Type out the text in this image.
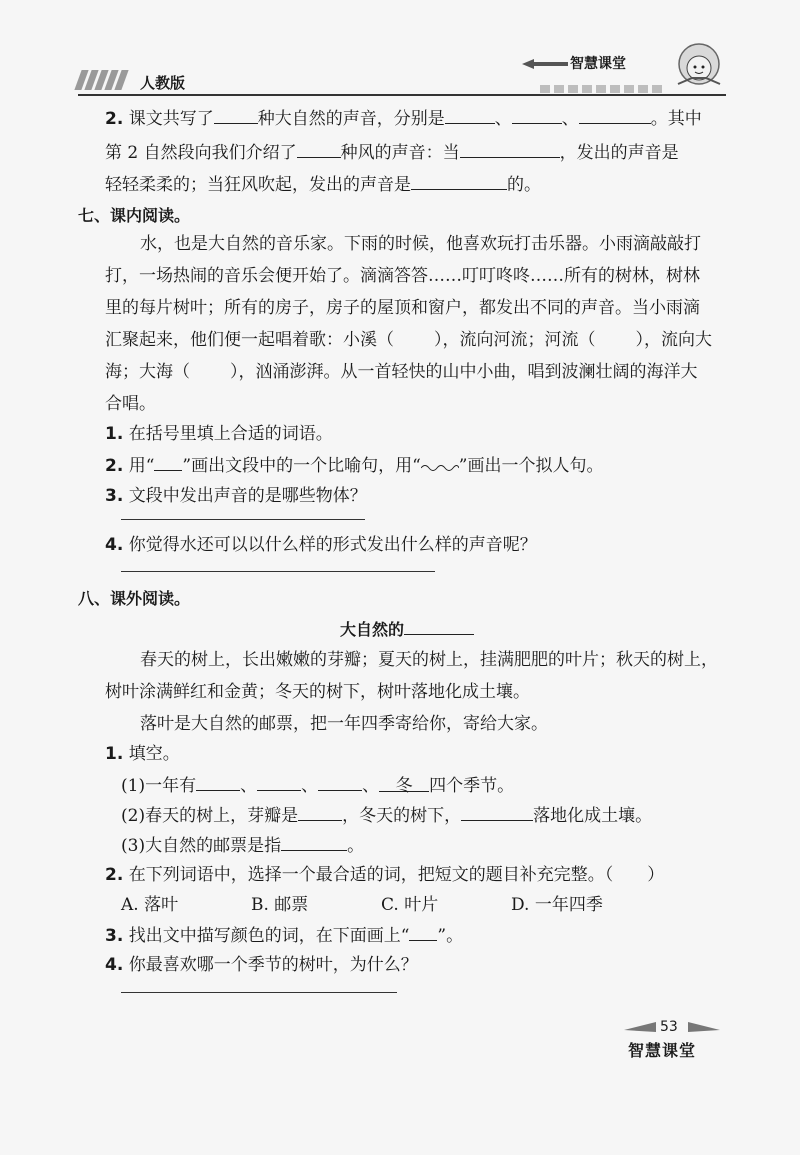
人教版
智慧课堂
2. 课文共写了	种大自然的声音，分别是	、	、	。其中
第 2 自然段向我们介绍了	种风的声音：当	，发出的声音是
轻轻柔柔的；当狂风吹起，发出的声音是	的。
七、课内阅读。
水，也是大自然的音乐家。下雨的时候，他喜欢玩打击乐器。小雨滴敲敲打
打，一场热闹的音乐会便开始了。滴滴答答……叮叮咚咚……所有的树林，树林
里的每片树叶；所有的房子，房子的屋顶和窗户，都发出不同的声音。当小雨滴
汇聚起来，他们便一起唱着歌：小溪（ ），流向河流；河流（ ），流向大
海；大海（ ），汹涌澎湃。从一首轻快的山中小曲，唱到波澜壮阔的海洋大
合唱。
1. 在括号里填上合适的词语。
2. 用“ ”画出文段中的一个比喻句，用“ ”画出一个拟人句。
3. 文段中发出声音的是哪些物体？
4. 你觉得水还可以以什么样的形式发出什么样的声音呢？
八、课外阅读。
大自然的
春天的树上，长出嫩嫩的芽瓣；夏天的树上，挂满肥肥的叶片；秋天的树上，
树叶涂满鲜红和金黄；冬天的树下，树叶落地化成土壤。
落叶是大自然的邮票，把一年四季寄给你，寄给大家。
1. 填空。
(1)一年有	、	、	、 冬 四个季节。
(2)春天的树上，芽瓣是	，冬天的树下，	落地化成土壤。
(3)大自然的邮票是指	。
2. 在下列词语中，选择一个最合适的词，把短文的题目补充完整。（　　）
A. 落叶	B. 邮票	C. 叶片	D. 一年四季
3. 找出文中描写颜色的词，在下面画上“ ”。
4. 你最喜欢哪一个季节的树叶，为什么？
53
智慧课堂
